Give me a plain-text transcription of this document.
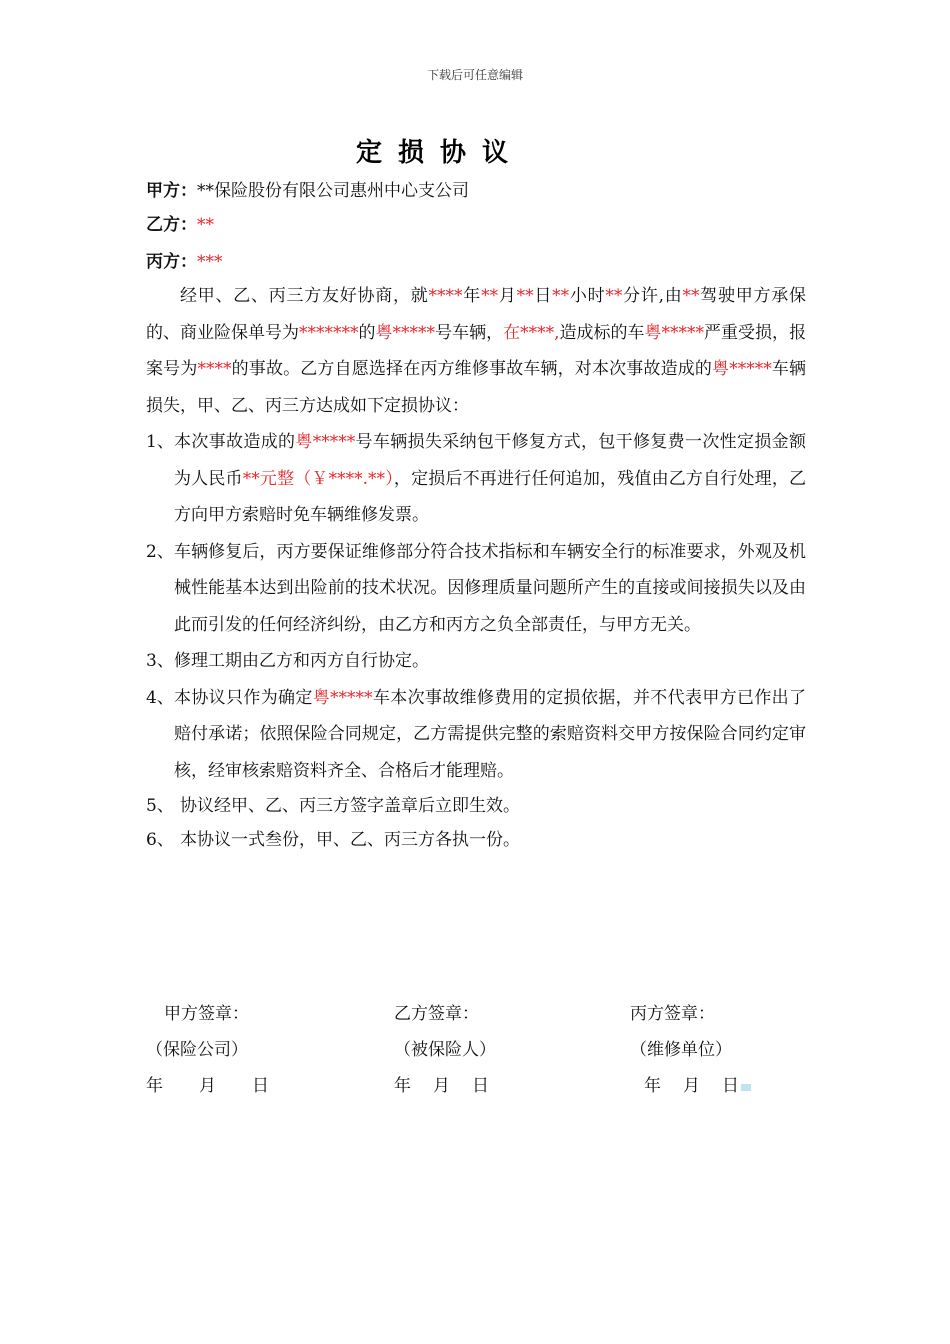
下载后可任意编辑
定损协议
甲方：**保险股份有限公司惠州中心支公司
乙方：**
丙方：***

经甲、乙、丙三方友好协商，就****年**月**日**小时**分许,由**驾驶甲方承保的、商业险保单号为*******的粤*****号车辆，在****,造成标的车粤*****严重受损，报案号为****的事故。乙方自愿选择在丙方维修事故车辆，对本次事故造成的粤*****车辆损失，甲、乙、丙三方达成如下定损协议：

1、 本次事故造成的粤*****号车辆损失采纳包干修复方式，包干修复费一次性定损金额为人民币**元整（￥****.**），定损后不再进行任何追加，残值由乙方自行处理，乙方向甲方索赔时免车辆维修发票。
2、 车辆修复后，丙方要保证维修部分符合技术指标和车辆安全行的标准要求，外观及机械性能基本达到出险前的技术状况。因修理质量问题所产生的直接或间接损失以及由此而引发的任何经济纠纷，由乙方和丙方之负全部责任，与甲方无关。
3、 修理工期由乙方和丙方自行协定。
4、 本协议只作为确定粤*****车本次事故维修费用的定损依据，并不代表甲方已作出了赔付承诺；依照保险合同规定，乙方需提供完整的索赔资料交甲方按保险合同约定审核，经审核索赔资料齐全、合格后才能理赔。
5、 协议经甲、乙、丙三方签字盖章后立即生效。
6、 本协议一式叁份，甲、乙、丙三方各执一份。
甲方签章：
（保险公司）
年 月 日
乙方签章：
（被保险人）
年 月 日
丙方签章：
（维修单位）
年 月 日
